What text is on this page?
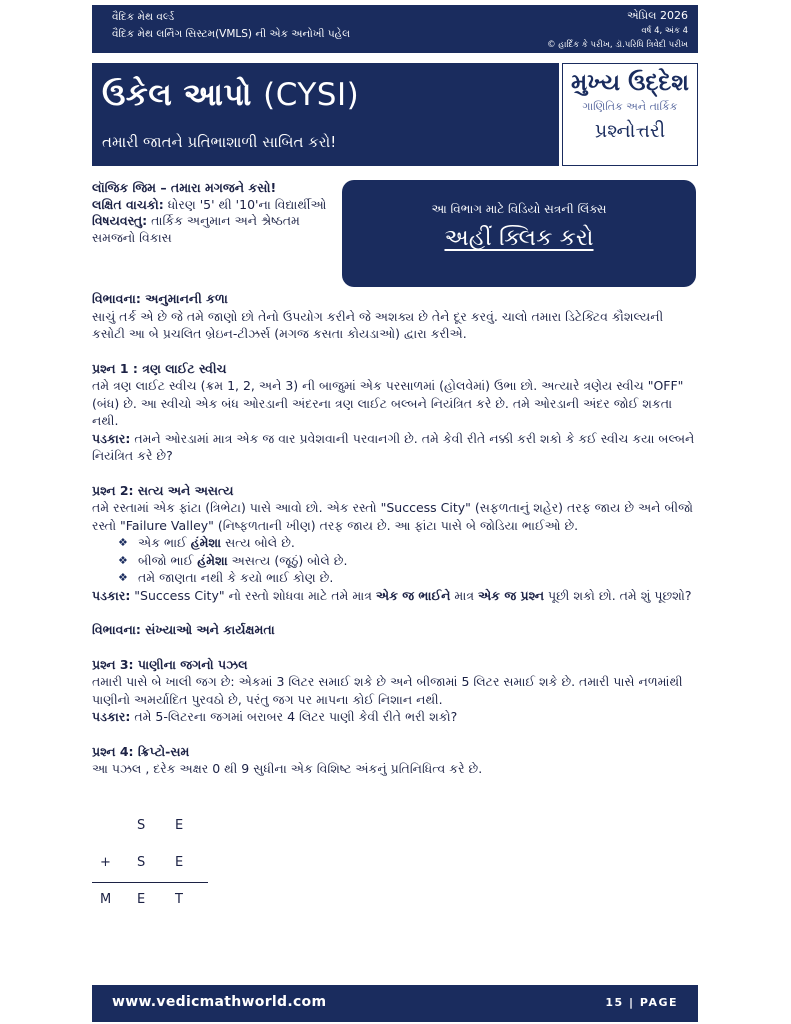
વૈદિક મેથ વર્લ્ડ
વૈદિક મેથ લર્નિંગ સિસ્ટમ(VMLS) ની એક અનોખી પહેલ
એપ્રિલ 2026
વર્ષ 4, અંક 4
© હાર્દિક કે પરીખ, ડૉ.પરિધિ ત્રિવેદી પરીખ
ઉકેલ આપો (CYSI)
તમારી જાતને પ્રતિભાશાળી સાબિત કરો!
મુખ્ય ઉદ્દેશ
ગાણિતિક અને તાર્કિક
પ્રશ્નોત્તરી
લૉજિક જિમ – તમારા મગજને કસો!
લક્ષિત વાચકો: ધોરણ '5' થી '10'ના વિદ્યાર્થીઓ
વિષયવસ્તુ: તાર્કિક અનુમાન અને શ્રેષ્ઠતમ સમજનો વિકાસ
આ વિભાગ માટે વિડિયો સત્રની લિંક્સ
અહીં ક્લિક કરો

વિભાવના: અનુમાનની કળા

સાચું તર્ક એ છે જે તમે જાણો છો તેનો ઉપયોગ કરીને જે અશક્ય છે તેને દૂર કરવું. ચાલો તમારા ડિટેક્ટિવ કૌશલ્યની કસોટી આ બે પ્રચલિત બ્રેઇન-ટીઝર્સ (મગજ કસતા કોયડાઓ) દ્વારા કરીએ.

પ્રશ્ન 1 : ત્રણ લાઈટ સ્વીચ

તમે ત્રણ લાઈટ સ્વીચ (ક્રમ 1, 2, અને 3) ની બાજુમાં એક પરસાળમાં (હોલવેમાં) ઉભા છો. અત્યારે ત્રણેય સ્વીચ "OFF" (બંધ) છે. આ સ્વીચો એક બંધ ઓરડાની અંદરના ત્રણ લાઈટ બલ્બને નિયંત્રિત કરે છે. તમે ઓરડાની અંદર જોઈ શકતા નથી.

પડકાર: તમને ઓરડામાં માત્ર એક જ વાર પ્રવેશવાની પરવાનગી છે. તમે કેવી રીતે નક્કી કરી શકો કે કઈ સ્વીચ કયા બલ્બને નિયંત્રિત કરે છે?

પ્રશ્ન 2: સત્ય અને અસત્ય

તમે રસ્તામાં એક ફાંટા (ત્રિભેટા) પાસે આવો છો. એક રસ્તો "Success City" (સફળતાનું શહેર) તરફ જાય છે અને બીજો રસ્તો "Failure Valley" (નિષ્ફળતાની ખીણ) તરફ જાય છે. આ ફાંટા પાસે બે જોડિયા ભાઈઓ છે.

❖ એક ભાઈ હંમેશા સત્ય બોલે છે.
❖ બીજો ભાઈ હંમેશા અસત્ય (જૂઠું) બોલે છે.
❖ તમે જાણતા નથી કે કયો ભાઈ કોણ છે.

પડકાર: "Success City" નો રસ્તો શોધવા માટે તમે માત્ર એક જ ભાઈને માત્ર એક જ પ્રશ્ન પૂછી શકો છો. તમે શું પૂછશો?

વિભાવના: સંખ્યાઓ અને કાર્યક્ષમતા

પ્રશ્ન 3: પાણીના જગનો પઝલ

તમારી પાસે બે ખાલી જગ છે: એકમાં 3 લિટર સમાઈ શકે છે અને બીજામાં 5 લિટર સમાઈ શકે છે. તમારી પાસે નળમાંથી પાણીનો અમર્યાદિત પુરવઠો છે, પરંતુ જગ પર માપના કોઈ નિશાન નથી.

પડકાર: તમે 5-લિટરના જગમાં બરાબર 4 લિટર પાણી કેવી રીતે ભરી શકો?

પ્રશ્ન 4: ક્રિપ્ટો-સમ

આ પઝલ , દરેક અક્ષર 0 થી 9 સુધીના એક વિશિષ્ટ અંકનું પ્રતિનિધિત્વ કરે છે.

S E
+ S E
M E T
www.vedicmathworld.com	15 | PAGE
